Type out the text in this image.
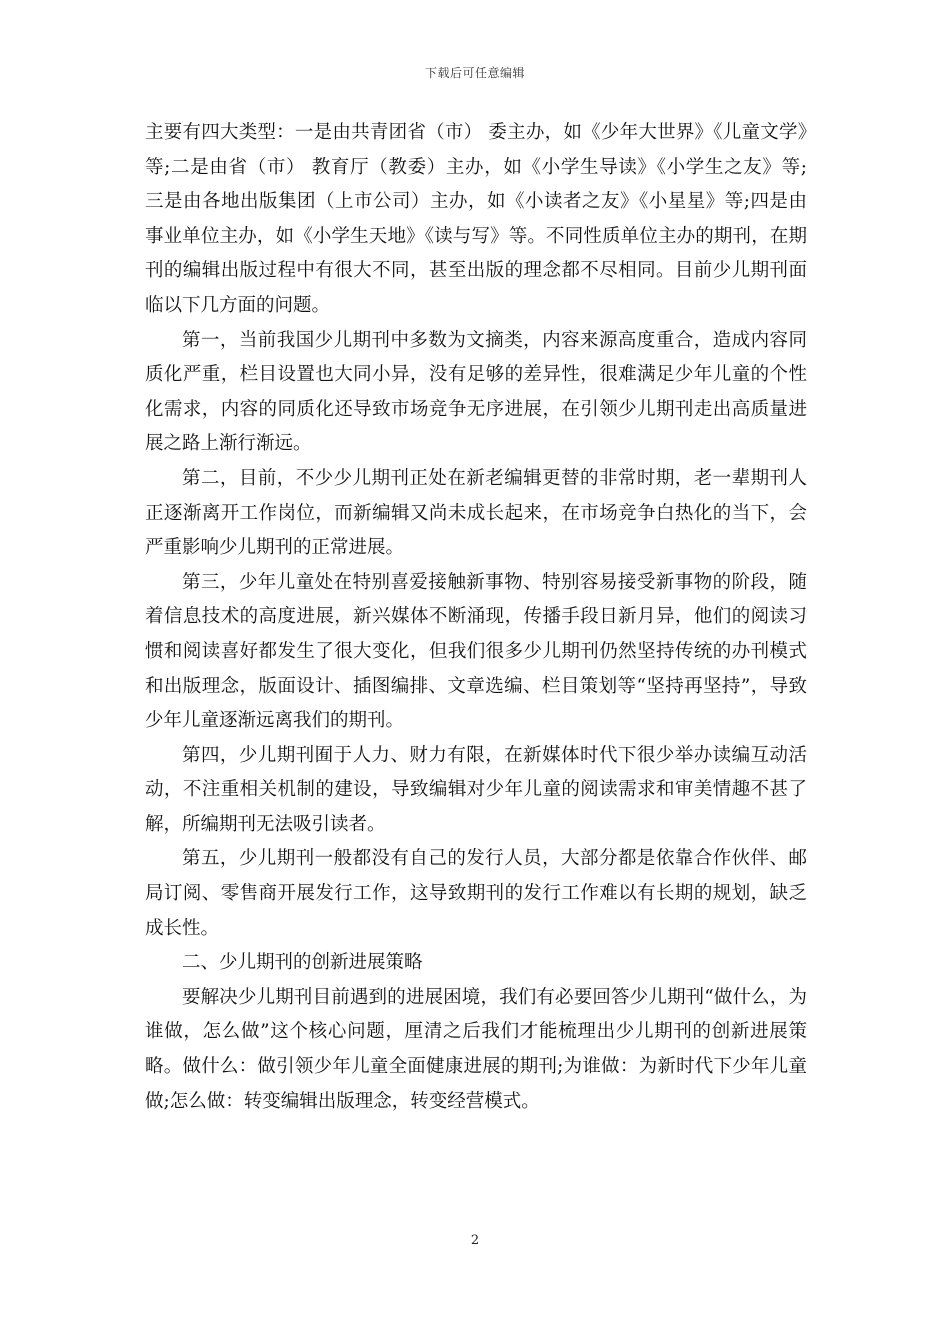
下载后可任意编辑

主要有四大类型：一是由共青团省（市） 委主办，如《少年大世界》《儿童文学》等;二是由省（市） 教育厅（教委）主办，如《小学生导读》《小学生之友》等; 三是由各地出版集团（上市公司）主办，如《小读者之友》《小星星》等;四是由事业单位主办，如《小学生天地》《读与写》等。不同性质单位主办的期刊，在期刊的编辑出版过程中有很大不同，甚至出版的理念都不尽相同。目前少儿期刊面临以下几方面的问题。

第一，当前我国少儿期刊中多数为文摘类，内容来源高度重合，造成内容同质化严重，栏目设置也大同小异，没有足够的差异性，很难满足少年儿童的个性化需求，内容的同质化还导致市场竞争无序进展，在引领少儿期刊走出高质量进展之路上渐行渐远。

第二，目前，不少少儿期刊正处在新老编辑更替的非常时期，老一辈期刊人正逐渐离开工作岗位，而新编辑又尚未成长起来，在市场竞争白热化的当下，会严重影响少儿期刊的正常进展。

第三，少年儿童处在特别喜爱接触新事物、特别容易接受新事物的阶段，随着信息技术的高度进展，新兴媒体不断涌现，传播手段日新月异，他们的阅读习惯和阅读喜好都发生了很大变化，但我们很多少儿期刊仍然坚持传统的办刊模式和出版理念，版面设计、插图编排、文章选编、栏目策划等“坚持再坚持”，导致少年儿童逐渐远离我们的期刊。

第四，少儿期刊囿于人力、财力有限，在新媒体时代下很少举办读编互动活动，不注重相关机制的建设，导致编辑对少年儿童的阅读需求和审美情趣不甚了解，所编期刊无法吸引读者。

第五，少儿期刊一般都没有自己的发行人员，大部分都是依靠合作伙伴、邮局订阅、零售商开展发行工作，这导致期刊的发行工作难以有长期的规划，缺乏成长性。

二、少儿期刊的创新进展策略

要解决少儿期刊目前遇到的进展困境，我们有必要回答少儿期刊“做什么，为谁做，怎么做”这个核心问题，厘清之后我们才能梳理出少儿期刊的创新进展策略。做什么：做引领少年儿童全面健康进展的期刊;为谁做：为新时代下少年儿童做;怎么做：转变编辑出版理念，转变经营模式。

2
